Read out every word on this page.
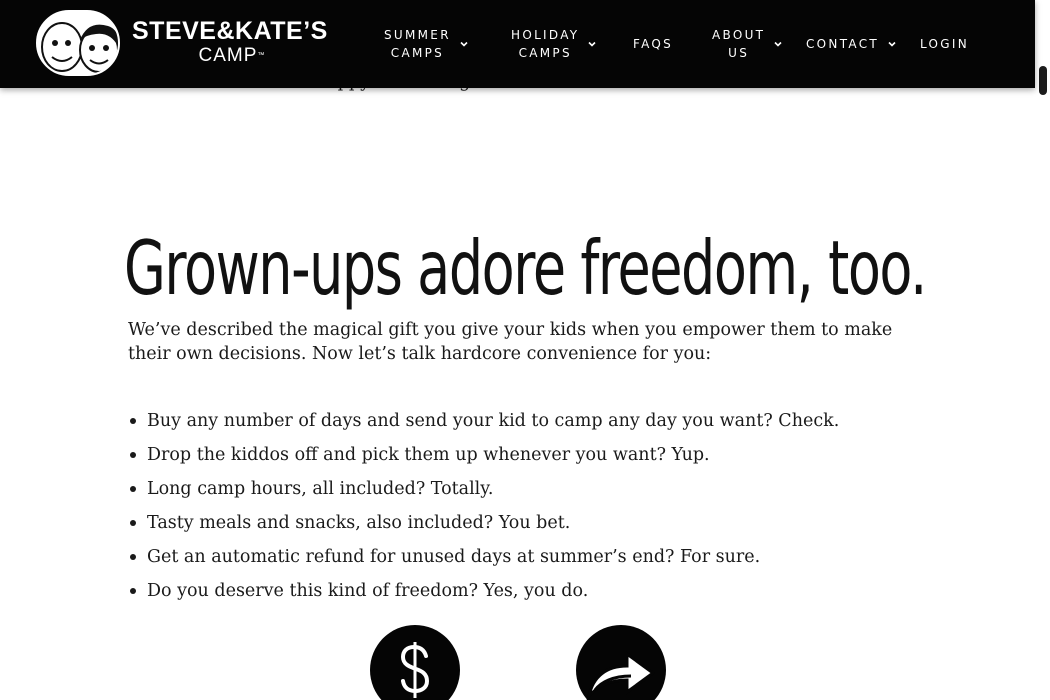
Grown-ups adore freedom, too.

We’ve described the magical gift you give your kids when you empower them to make their own decisions. Now let’s talk hardcore convenience for you:

Buy any number of days and send your kid to camp any day you want? Check.
Drop the kiddos off and pick them up whenever you want? Yup.
Long camp hours, all included? Totally.
Tasty meals and snacks, also included? You bet.
Get an automatic refund for unused days at summer’s end? For sure.
Do you deserve this kind of freedom? Yes, you do.
STEVE&KATE’S
CAMP™
SUMMER
CAMPS
HOLIDAY
CAMPS
FAQS
ABOUT
US
CONTACT	LOGIN
